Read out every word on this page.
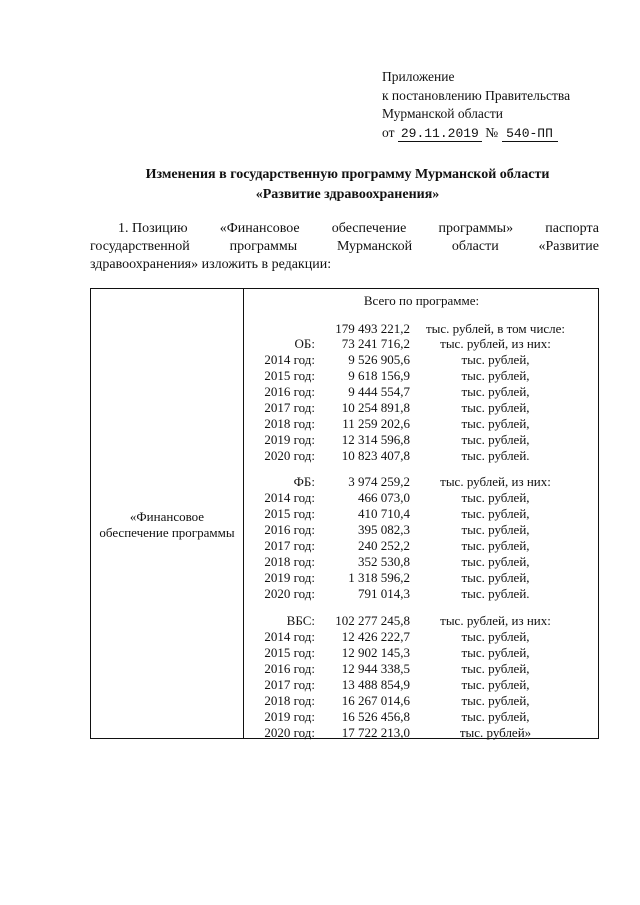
Приложение
к постановлению Правительства
Мурманской области
от 29.11.2019 № 540-ПП
Изменения в государственную программу Мурманской области
«Развитие здравоохранения»
1. Позицию «Финансовое обеспечение программы» паспорта
государственной	программы	Мурманской	области	«Развитие
здравоохранения» изложить в редакции:
«Финансовое
обеспечение программы
Всего по программе:
179 493 221,2	тыс. рублей, в том числе:
ОБ: 73 241 716,2	тыс. рублей, из них:
2014 год:	9 526 905,6	тыс. рублей,
2015 год:	9 618 156,9	тыс. рублей,
2016 год:	9 444 554,7	тыс. рублей,
2017 год: 10 254 891,8	тыс. рублей,
2018 год: 11 259 202,6	тыс. рублей,
2019 год: 12 314 596,8	тыс. рублей,
2020 год: 10 823 407,8	тыс. рублей.
ФБ:	3 974 259,2	тыс. рублей, из них:
2014 год:	466 073,0	тыс. рублей,
2015 год:	410 710,4	тыс. рублей,
2016 год:	395 082,3	тыс. рублей,
2017 год:	240 252,2	тыс. рублей,
2018 год:	352 530,8	тыс. рублей,
2019 год:	1 318 596,2	тыс. рублей,
2020 год:	791 014,3	тыс. рублей.
ВБС: 102 277 245,8	тыс. рублей, из них:
2014 год: 12 426 222,7	тыс. рублей,
2015 год: 12 902 145,3	тыс. рублей,
2016 год: 12 944 338,5	тыс. рублей,
2017 год: 13 488 854,9	тыс. рублей,
2018 год: 16 267 014,6	тыс. рублей,
2019 год: 16 526 456,8	тыс. рублей,
2020 год: 17 722 213,0	тыс. рублей»
